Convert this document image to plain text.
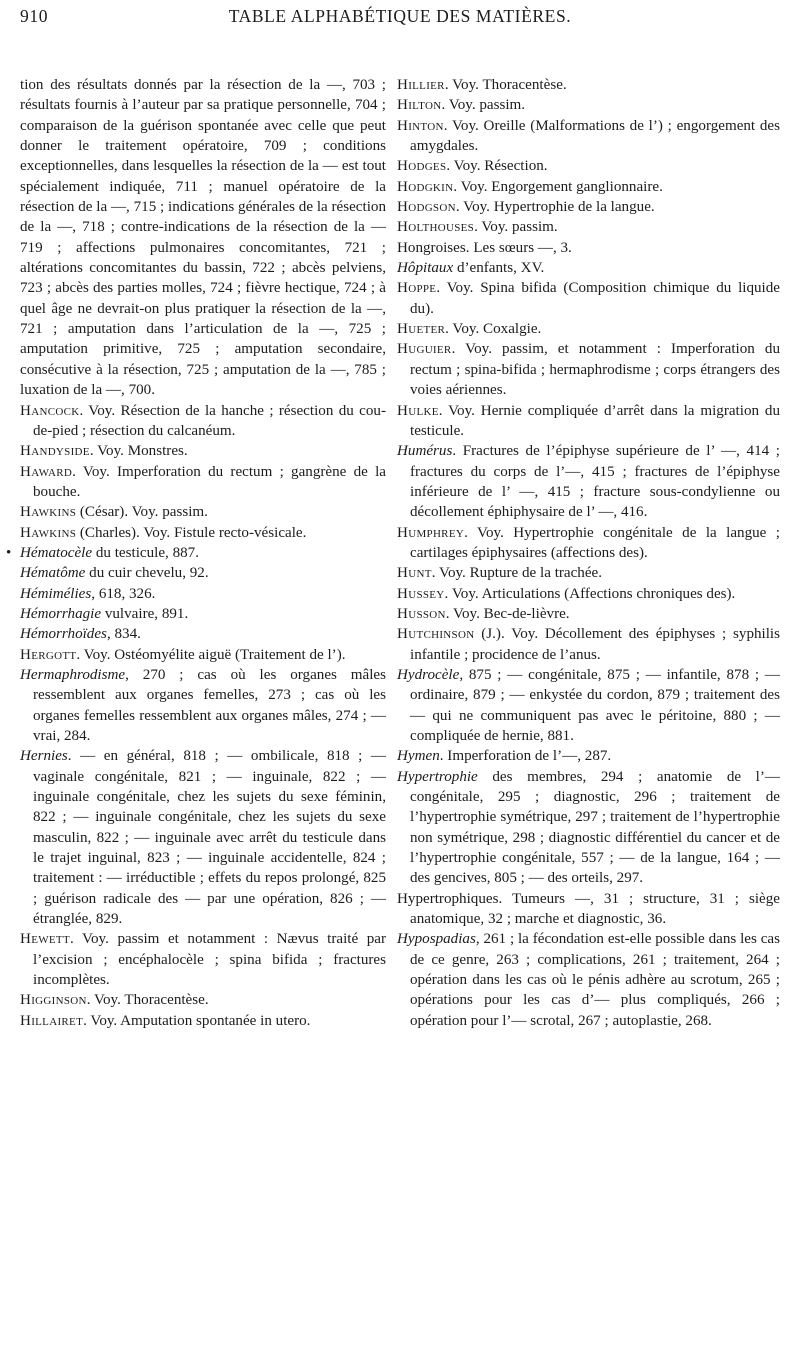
910	TABLE ALPHABÉTIQUE DES MATIÈRES.

tion des résultats donnés par la résection de la —, 703 ; résultats fournis à l’auteur par sa pratique personnelle, 704 ; comparaison de la guérison spontanée avec celle que peut donner le traitement opératoire, 709 ; conditions exceptionnelles, dans lesquelles la résection de la — est tout spécialement indiquée, 711 ; manuel opératoire de la résection de la —, 715 ; indications générales de la résection de la —, 718 ; contre-indications de la résection de la — 719 ; affections pulmonaires concomitantes, 721 ; altérations concomitantes du bassin, 722 ; abcès pelviens, 723 ; abcès des parties molles, 724 ; fièvre hectique, 724 ; à quel âge ne devrait-on plus pratiquer la résection de la —, 721 ; amputation dans l’articulation de la —, 725 ; amputation primitive, 725 ; amputation secondaire, consécutive à la résection, 725 ; amputation de la —, 785 ; luxation de la —, 700.

Hancock. Voy. Résection de la hanche ; résection du cou-de-pied ; résection du calcanéum.

Handyside. Voy. Monstres.

Haward. Voy. Imperforation du rectum ; gangrène de la bouche.

Hawkins (César). Voy. passim.

Hawkins (Charles). Voy. Fistule recto-vésicale.

• Hématocèle du testicule, 887.

Hématôme du cuir chevelu, 92.

Hémimélies, 618, 326.

Hémorrhagie vulvaire, 891.

Hémorrhoïdes, 834.

Hergott. Voy. Ostéomyélite aiguë (Traitement de l’).

Hermaphrodisme, 270 ; cas où les organes mâles ressemblent aux organes femelles, 273 ; cas où les organes femelles ressemblent aux organes mâles, 274 ; — vrai, 284.

Hernies. — en général, 818 ; — ombilicale, 818 ; — vaginale congénitale, 821 ; — inguinale, 822 ; — inguinale congénitale, chez les sujets du sexe féminin, 822 ; — inguinale congénitale, chez les sujets du sexe masculin, 822 ; — inguinale avec arrêt du testicule dans le trajet inguinal, 823 ; — inguinale accidentelle, 824 ; traitement : — irréductible ; effets du repos prolongé, 825 ; guérison radicale des — par une opération, 826 ; — étranglée, 829.

Hewett. Voy. passim et notamment : Nævus traité par l’excision ; encéphalocèle ; spina bifida ; fractures incomplètes.

Higginson. Voy. Thoracentèse.

Hillairet. Voy. Amputation spontanée in utero.

Hillier. Voy. Thoracentèse.

Hilton. Voy. passim.

Hinton. Voy. Oreille (Malformations de l’) ; engorgement des amygdales.

Hodges. Voy. Résection.

Hodgkin. Voy. Engorgement ganglionnaire.

Hodgson. Voy. Hypertrophie de la langue.

Holthouses. Voy. passim.

Hongroises. Les sœurs —, 3.

Hôpitaux d’enfants, XV.

Hoppe. Voy. Spina bifida (Composition chimique du liquide du).

Hueter. Voy. Coxalgie.

Huguier. Voy. passim, et notamment : Imperforation du rectum ; spina-bifida ; hermaphrodisme ; corps étrangers des voies aériennes.

Hulke. Voy. Hernie compliquée d’arrêt dans la migration du testicule.

Humérus. Fractures de l’épiphyse supérieure de l’ —, 414 ; fractures du corps de l’—, 415 ; fractures de l’épiphyse inférieure de l’ —, 415 ; fracture sous-condylienne ou décollement éphiphysaire de l’ —, 416.

Humphrey. Voy. Hypertrophie congénitale de la langue ; cartilages épiphysaires (affections des).

Hunt. Voy. Rupture de la trachée.

Hussey. Voy. Articulations (Affections chroniques des).

Husson. Voy. Bec-de-lièvre.

Hutchinson (J.). Voy. Décollement des épiphyses ; syphilis infantile ; procidence de l’anus.

Hydrocèle, 875 ; — congénitale, 875 ; — infantile, 878 ; — ordinaire, 879 ; — enkystée du cordon, 879 ; traitement des — qui ne communiquent pas avec le péritoine, 880 ; — compliquée de hernie, 881.

Hymen. Imperforation de l’—, 287.

Hypertrophie des membres, 294 ; anatomie de l’— congénitale, 295 ; diagnostic, 296 ; traitement de l’hypertrophie symétrique, 297 ; traitement de l’hypertrophie non symétrique, 298 ; diagnostic différentiel du cancer et de l’hypertrophie congénitale, 557 ; — de la langue, 164 ; — des gencives, 805 ; — des orteils, 297.

Hypertrophiques. Tumeurs —, 31 ; structure, 31 ; siège anatomique, 32 ; marche et diagnostic, 36.

Hypospadias, 261 ; la fécondation est-elle possible dans les cas de ce genre, 263 ; complications, 261 ; traitement, 264 ; opération dans les cas où le pénis adhère au scrotum, 265 ; opérations pour les cas d’— plus compliqués, 266 ; opération pour l’— scrotal, 267 ; autoplastie, 268.
